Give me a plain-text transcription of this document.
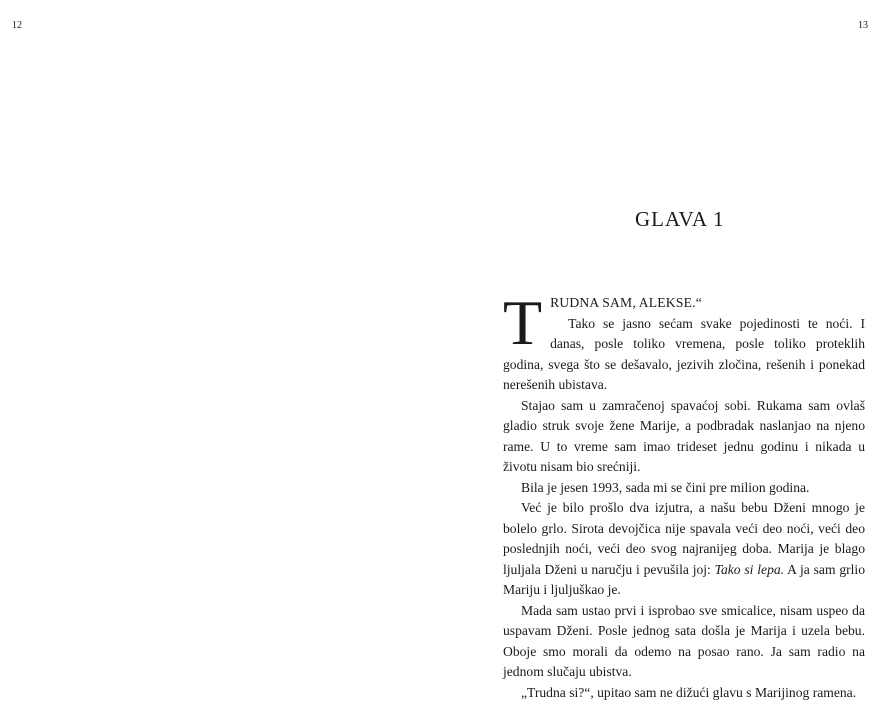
12	13
GLAVA 1

TRUDNA SAM, ALEKSE.“
Tako se jasno sećam svake pojedinosti te noći. I danas, posle toliko vremena, posle toliko proteklih godina, svega što se dešavalo, jezivih zločina, rešenih i ponekad nerešenih ubistava.

Stajao sam u zamračenoj spavaćoj sobi. Rukama sam ovlaš gladio struk svoje žene Marije, a podbradak naslanjao na njeno rame. U to vreme sam imao trideset jednu godinu i nikada u životu nisam bio srećniji.

Bila je jesen 1993, sada mi se čini pre milion godina.

Već je bilo prošlo dva izjutra, a našu bebu Dženi mnogo je bolelo grlo. Sirota devojčica nije spavala veći deo noći, veći deo poslednjih noći, veći deo svog najranijeg doba. Marija je blago ljuljala Dženi u naručju i pevušila joj: Tako si lepa. A ja sam grlio Mariju i ljuljuškao je.

Mada sam ustao prvi i isprobao sve smicalice, nisam uspeo da uspavam Dženi. Posle jednog sata došla je Marija i uzela bebu. Oboje smo morali da odemo na posao rano. Ja sam radio na jednom slučaju ubistva.

„Trudna si?“, upitao sam ne dižući glavu s Marijinog ramena.
